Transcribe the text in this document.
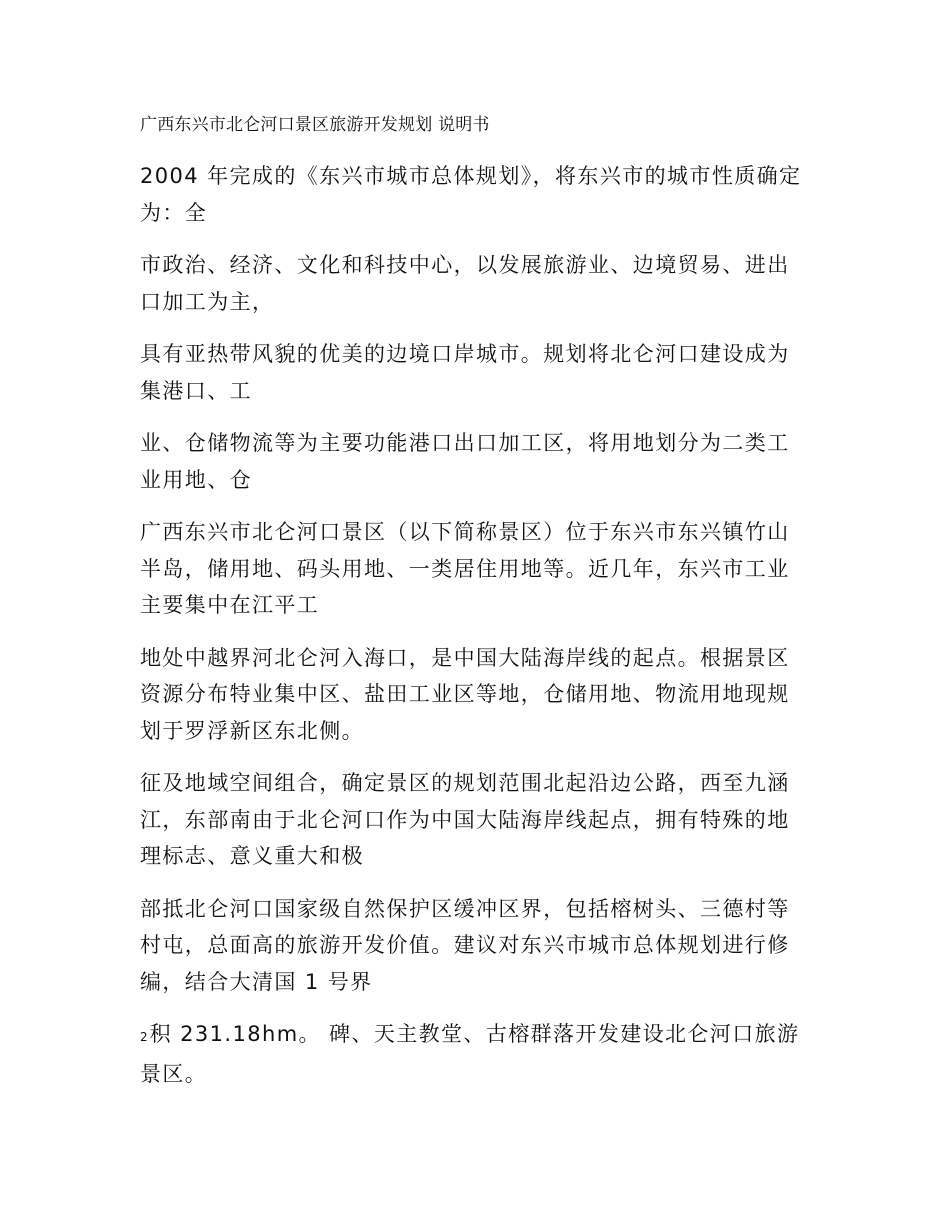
广西东兴市北仑河口景区旅游开发规划 说明书

2004 年完成的《东兴市城市总体规划》，将东兴市的城市性质确定为：全

市政治、经济、文化和科技中心，以发展旅游业、边境贸易、进出口加工为主，

具有亚热带风貌的优美的边境口岸城市。规划将北仑河口建设成为集港口、工

业、仓储物流等为主要功能港口出口加工区，将用地划分为二类工业用地、仓

广西东兴市北仑河口景区（以下简称景区）位于东兴市东兴镇竹山半岛，储用地、码头用地、一类居住用地等。近几年，东兴市工业主要集中在江平工

地处中越界河北仑河入海口，是中国大陆海岸线的起点。根据景区资源分布特业集中区、盐田工业区等地，仓储用地、物流用地现规划于罗浮新区东北侧。

征及地域空间组合，确定景区的规划范围北起沿边公路，西至九涵江，东部南由于北仑河口作为中国大陆海岸线起点，拥有特殊的地理标志、意义重大和极

部抵北仑河口国家级自然保护区缓冲区界，包括榕树头、三德村等村屯，总面高的旅游开发价值。建议对东兴市城市总体规划进行修编，结合大清国 1 号界

2积 231.18hm。 碑、天主教堂、古榕群落开发建设北仑河口旅游景区。
